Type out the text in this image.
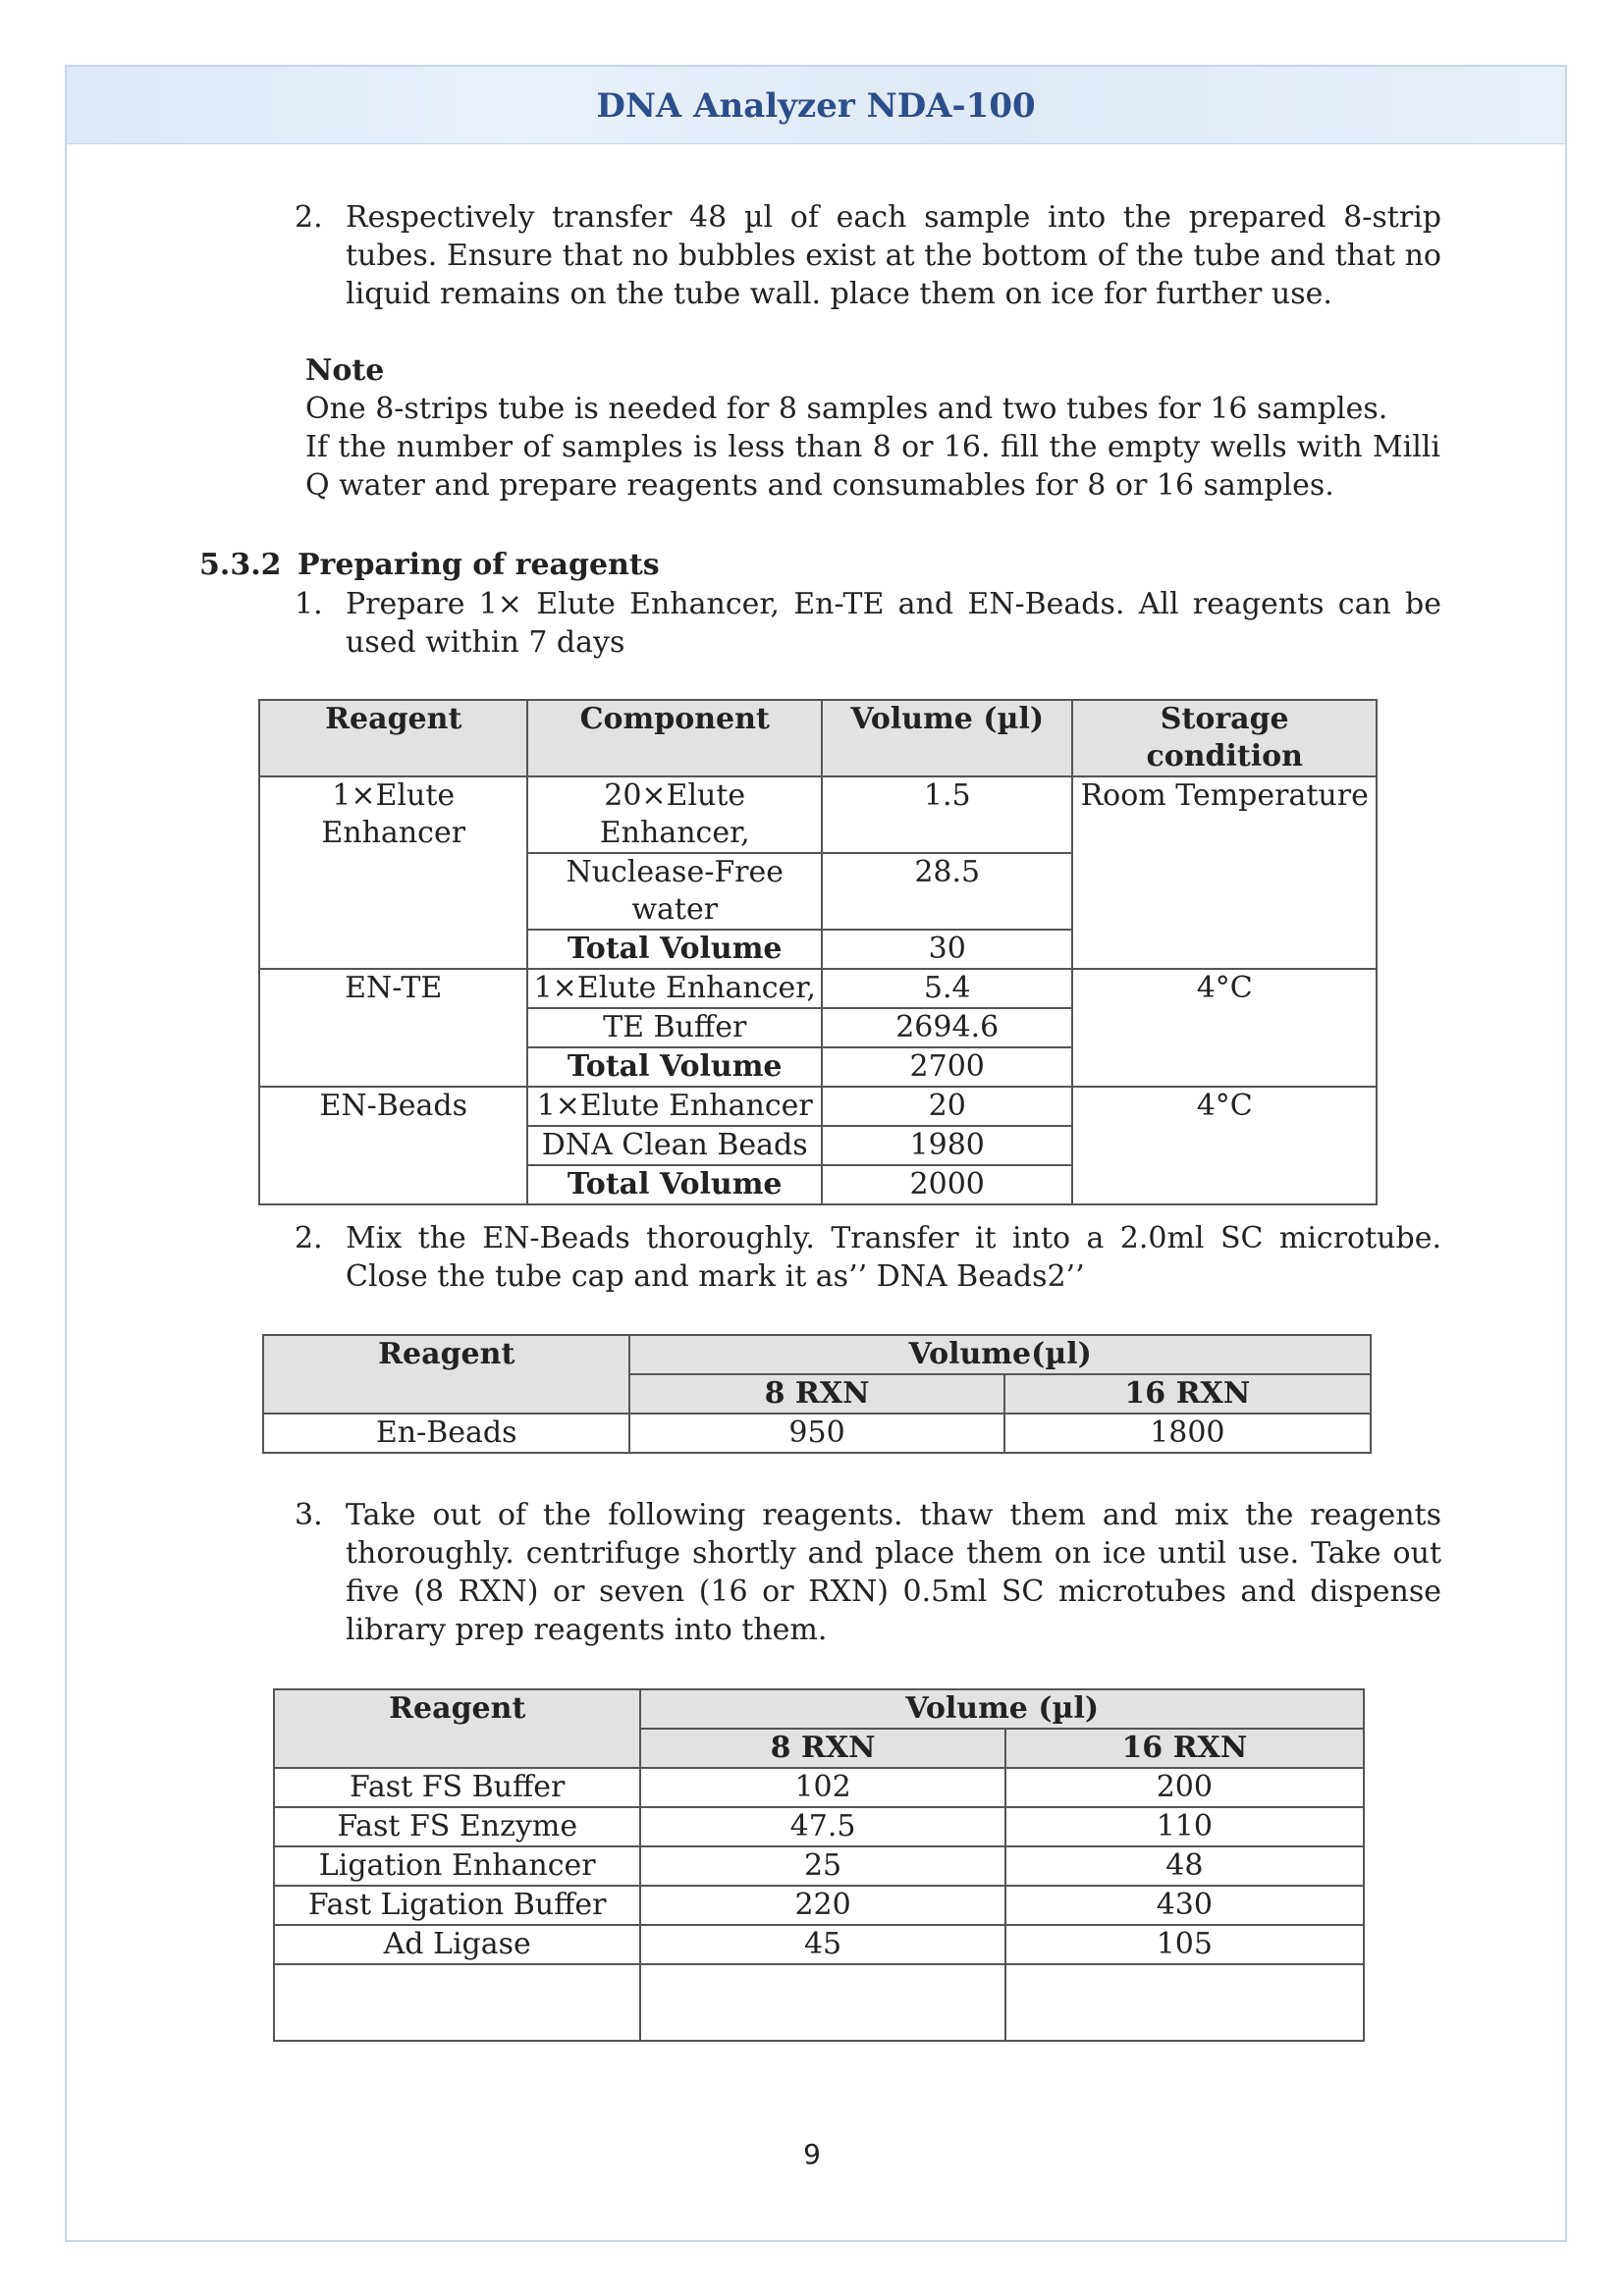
DNA Analyzer NDA-100
2. Respectively transfer 48 µl of each sample into the prepared 8-strip tubes. Ensure that no bubbles exist at the bottom of the tube and that no liquid remains on the tube wall. place them on ice for further use.
Note
One 8-strips tube is needed for 8 samples and two tubes for 16 samples.
If the number of samples is less than 8 or 16. fill the empty wells with Milli Q water and prepare reagents and consumables for 8 or 16 samples.
5.3.2 Preparing of reagents
1. Prepare 1× Elute Enhancer, En-TE and EN-Beads. All reagents can be used within 7 days
Reagent	Component	Volume (µl)	Storage condition
1×Elute Enhancer	20×Elute Enhancer,	1.5	Room Temperature
	Nuclease-Free water	28.5	
	Total Volume	30	
EN-TE	1×Elute Enhancer,	5.4	4°C
	TE Buffer	2694.6	
	Total Volume	2700	
EN-Beads	1×Elute Enhancer	20	4°C
	DNA Clean Beads	1980	
	Total Volume	2000	
2. Mix the EN-Beads thoroughly. Transfer it into a 2.0ml SC microtube. Close the tube cap and mark it as’’ DNA Beads2’’
Reagent	Volume(µl)	
	8 RXN	16 RXN
En-Beads	950	1800
3. Take out of the following reagents. thaw them and mix the reagents thoroughly. centrifuge shortly and place them on ice until use. Take out five (8 RXN) or seven (16 or RXN) 0.5ml SC microtubes and dispense library prep reagents into them.
Reagent	Volume (µl)	
	8 RXN	16 RXN
Fast FS Buffer	102	200
Fast FS Enzyme	47.5	110
Ligation Enhancer	25	48
Fast Ligation Buffer	220	430
Ad Ligase	45	105

9
